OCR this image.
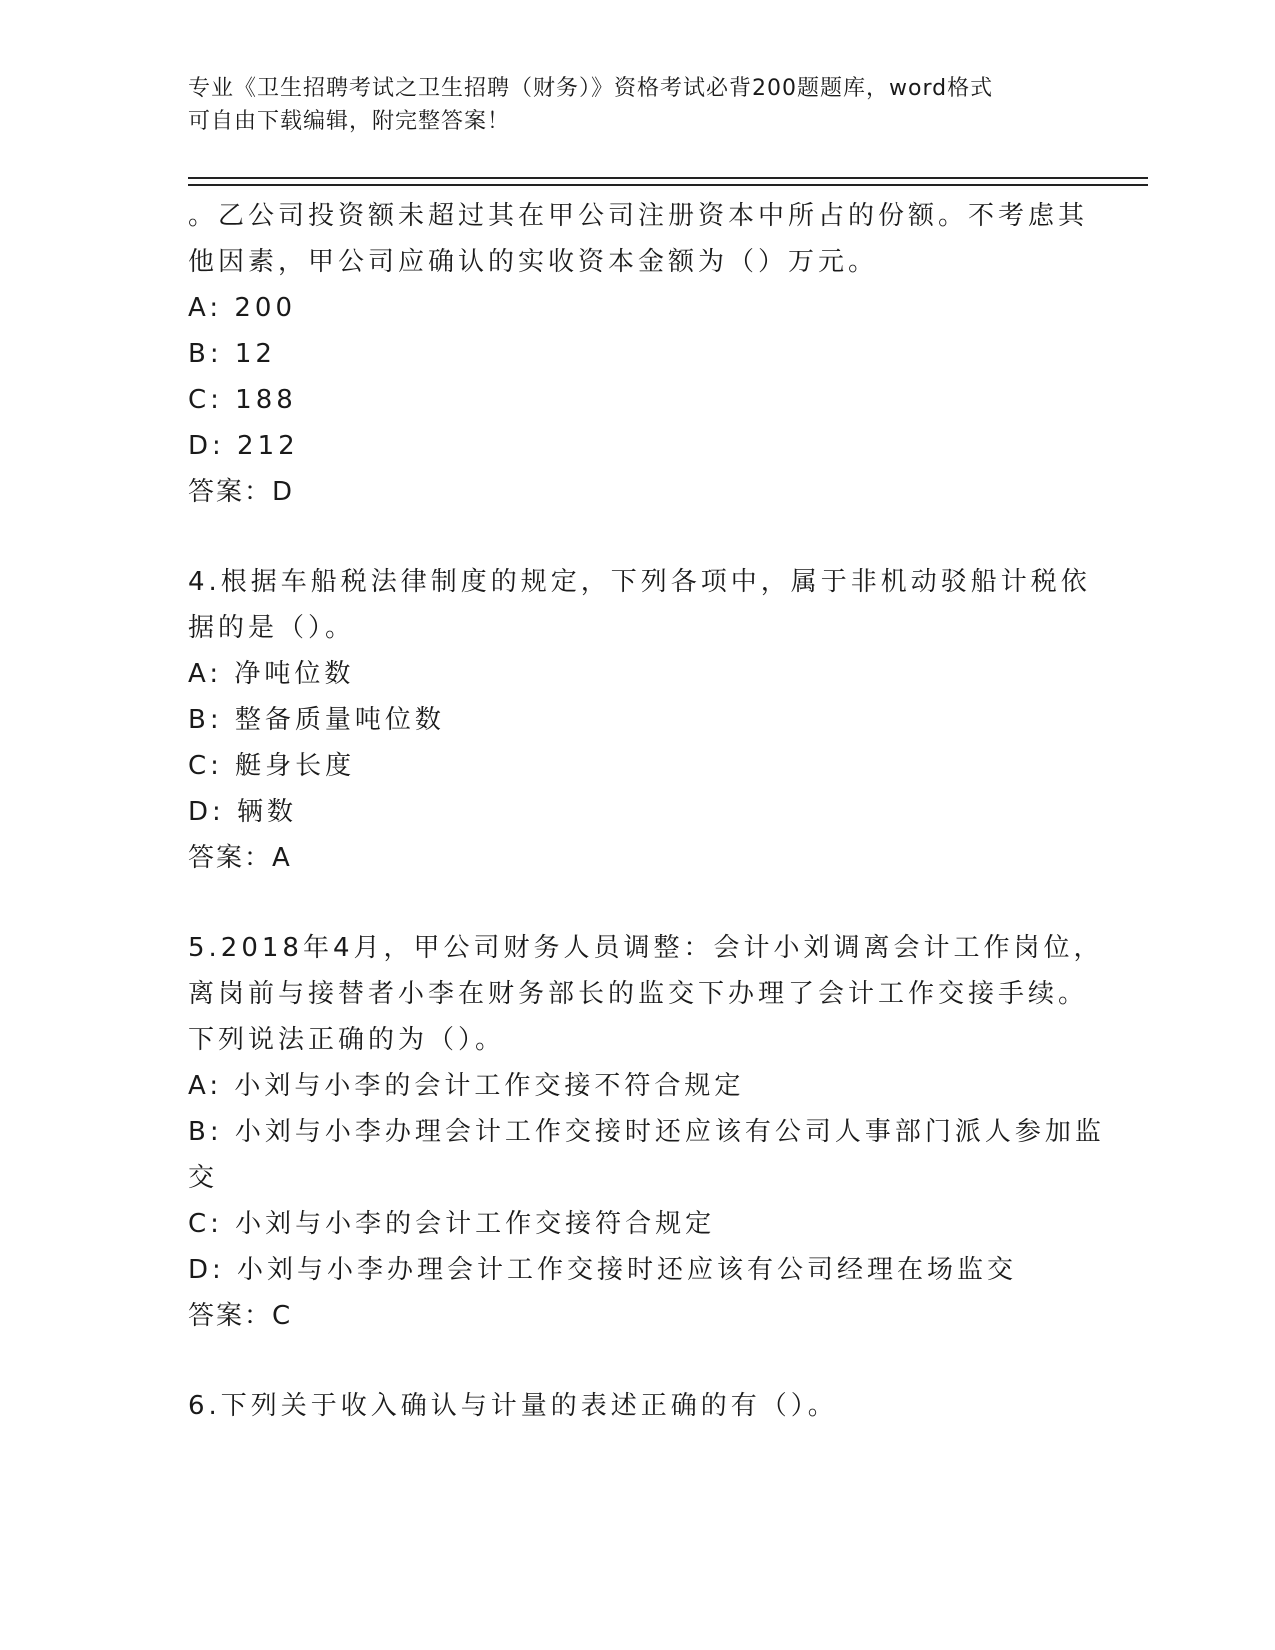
专业《卫生招聘考试之卫生招聘（财务）》资格考试必背200题题库，word格式
可自由下载编辑，附完整答案！
。乙公司投资额未超过其在甲公司注册资本中所占的份额。不考虑其
他因素，甲公司应确认的实收资本金额为（）万元。
A: 200
B: 12
C: 188
D: 212
答案：D
4.根据车船税法律制度的规定，下列各项中，属于非机动驳船计税依
据的是（）。
A: 净吨位数
B: 整备质量吨位数
C: 艇身长度
D: 辆数
答案：A
5.2018年4月，甲公司财务人员调整：会计小刘调离会计工作岗位，
离岗前与接替者小李在财务部长的监交下办理了会计工作交接手续。
下列说法正确的为（）。
A: 小刘与小李的会计工作交接不符合规定
B: 小刘与小李办理会计工作交接时还应该有公司人事部门派人参加监
交
C: 小刘与小李的会计工作交接符合规定
D: 小刘与小李办理会计工作交接时还应该有公司经理在场监交
答案：C
6.下列关于收入确认与计量的表述正确的有（）。
